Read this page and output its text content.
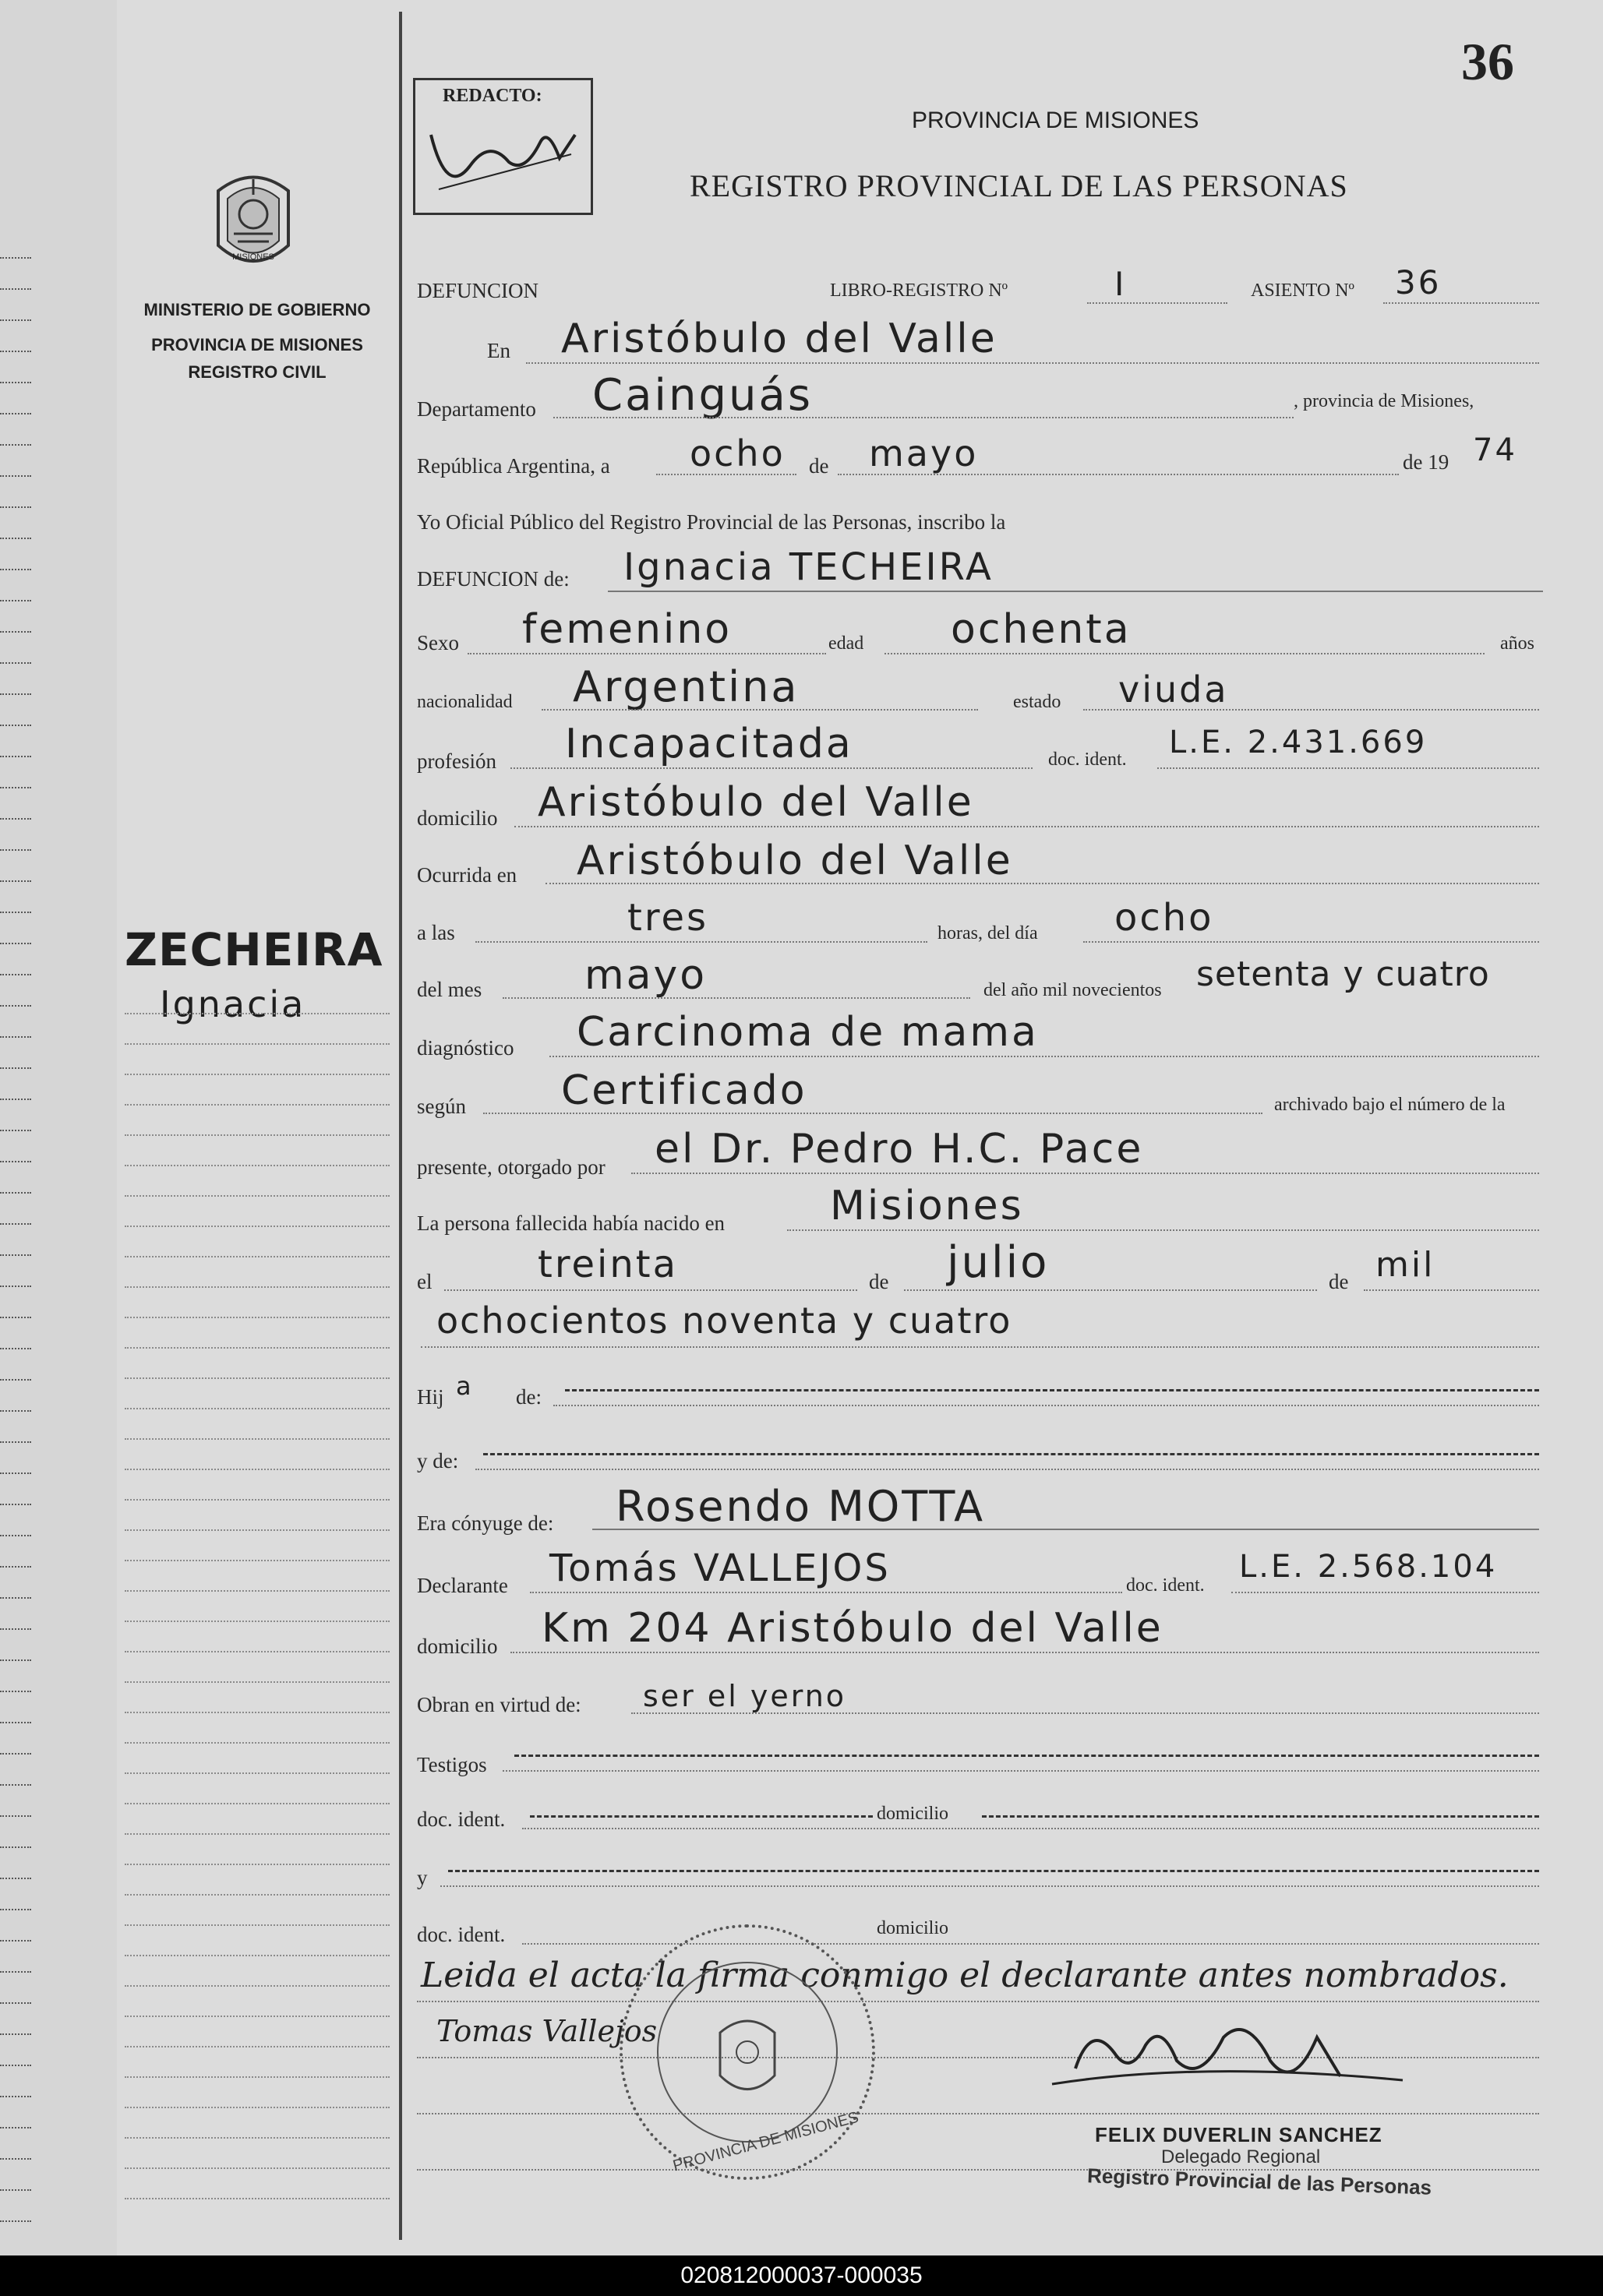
MISIONES
MINISTERIO DE GOBIERNO
PROVINCIA DE MISIONES
REGISTRO CIVIL
ZECHEIRA
Ignacia
36
REDACTO:
PROVINCIA DE MISIONES
REGISTRO PROVINCIAL DE LAS PERSONAS
DEFUNCION	LIBRO-REGISTRO Nº	I	ASIENTO Nº 36
En Aristóbulo del Valle
Departamento Cainguás	, provincia de Misiones,
República Argentina, a ocho de mayo	de 19 74
Yo Oficial Público del Registro Provincial de las Personas, inscribo la
DEFUNCION de: Ignacia TECHEIRA
Sexo femenino	edad ochenta	años
nacionalidad Argentina	estado viuda
profesión Incapacitada	doc. ident. L.E. 2.431.669
domicilio Aristóbulo del Valle
Ocurrida en Aristóbulo del Valle
a las	tres	horas, del día ocho
del mes	mayo	del año mil novecientos setenta y cuatro
diagnóstico Carcinoma de mama
según Certificado	archivado bajo el número de la
presente, otorgado por el Dr. Pedro H.C. Pace
La persona fallecida había nacido en	Misiones
el	treinta	de julio	de mil
ochocientos noventa y cuatro
Hij a de:
y de:
Era cónyuge de: Rosendo MOTTA
Declarante Tomás VALLEJOS	doc. ident.
L.E. 2.568.104
domicilio Km 204 Aristóbulo del Valle
Obran en virtud de: ser el yerno
Testigos
doc. ident.	domicilio
y
doc. ident.	domicilio
Leida el acta la firma conmigo el declarante antes nombrados.
Tomas Vallejos
PROVINCIA DE MISIONES	FELIX DUVERLIN SANCHEZ
Delegado Regional
Registro Provincial de las Personas
020812000037-000035
